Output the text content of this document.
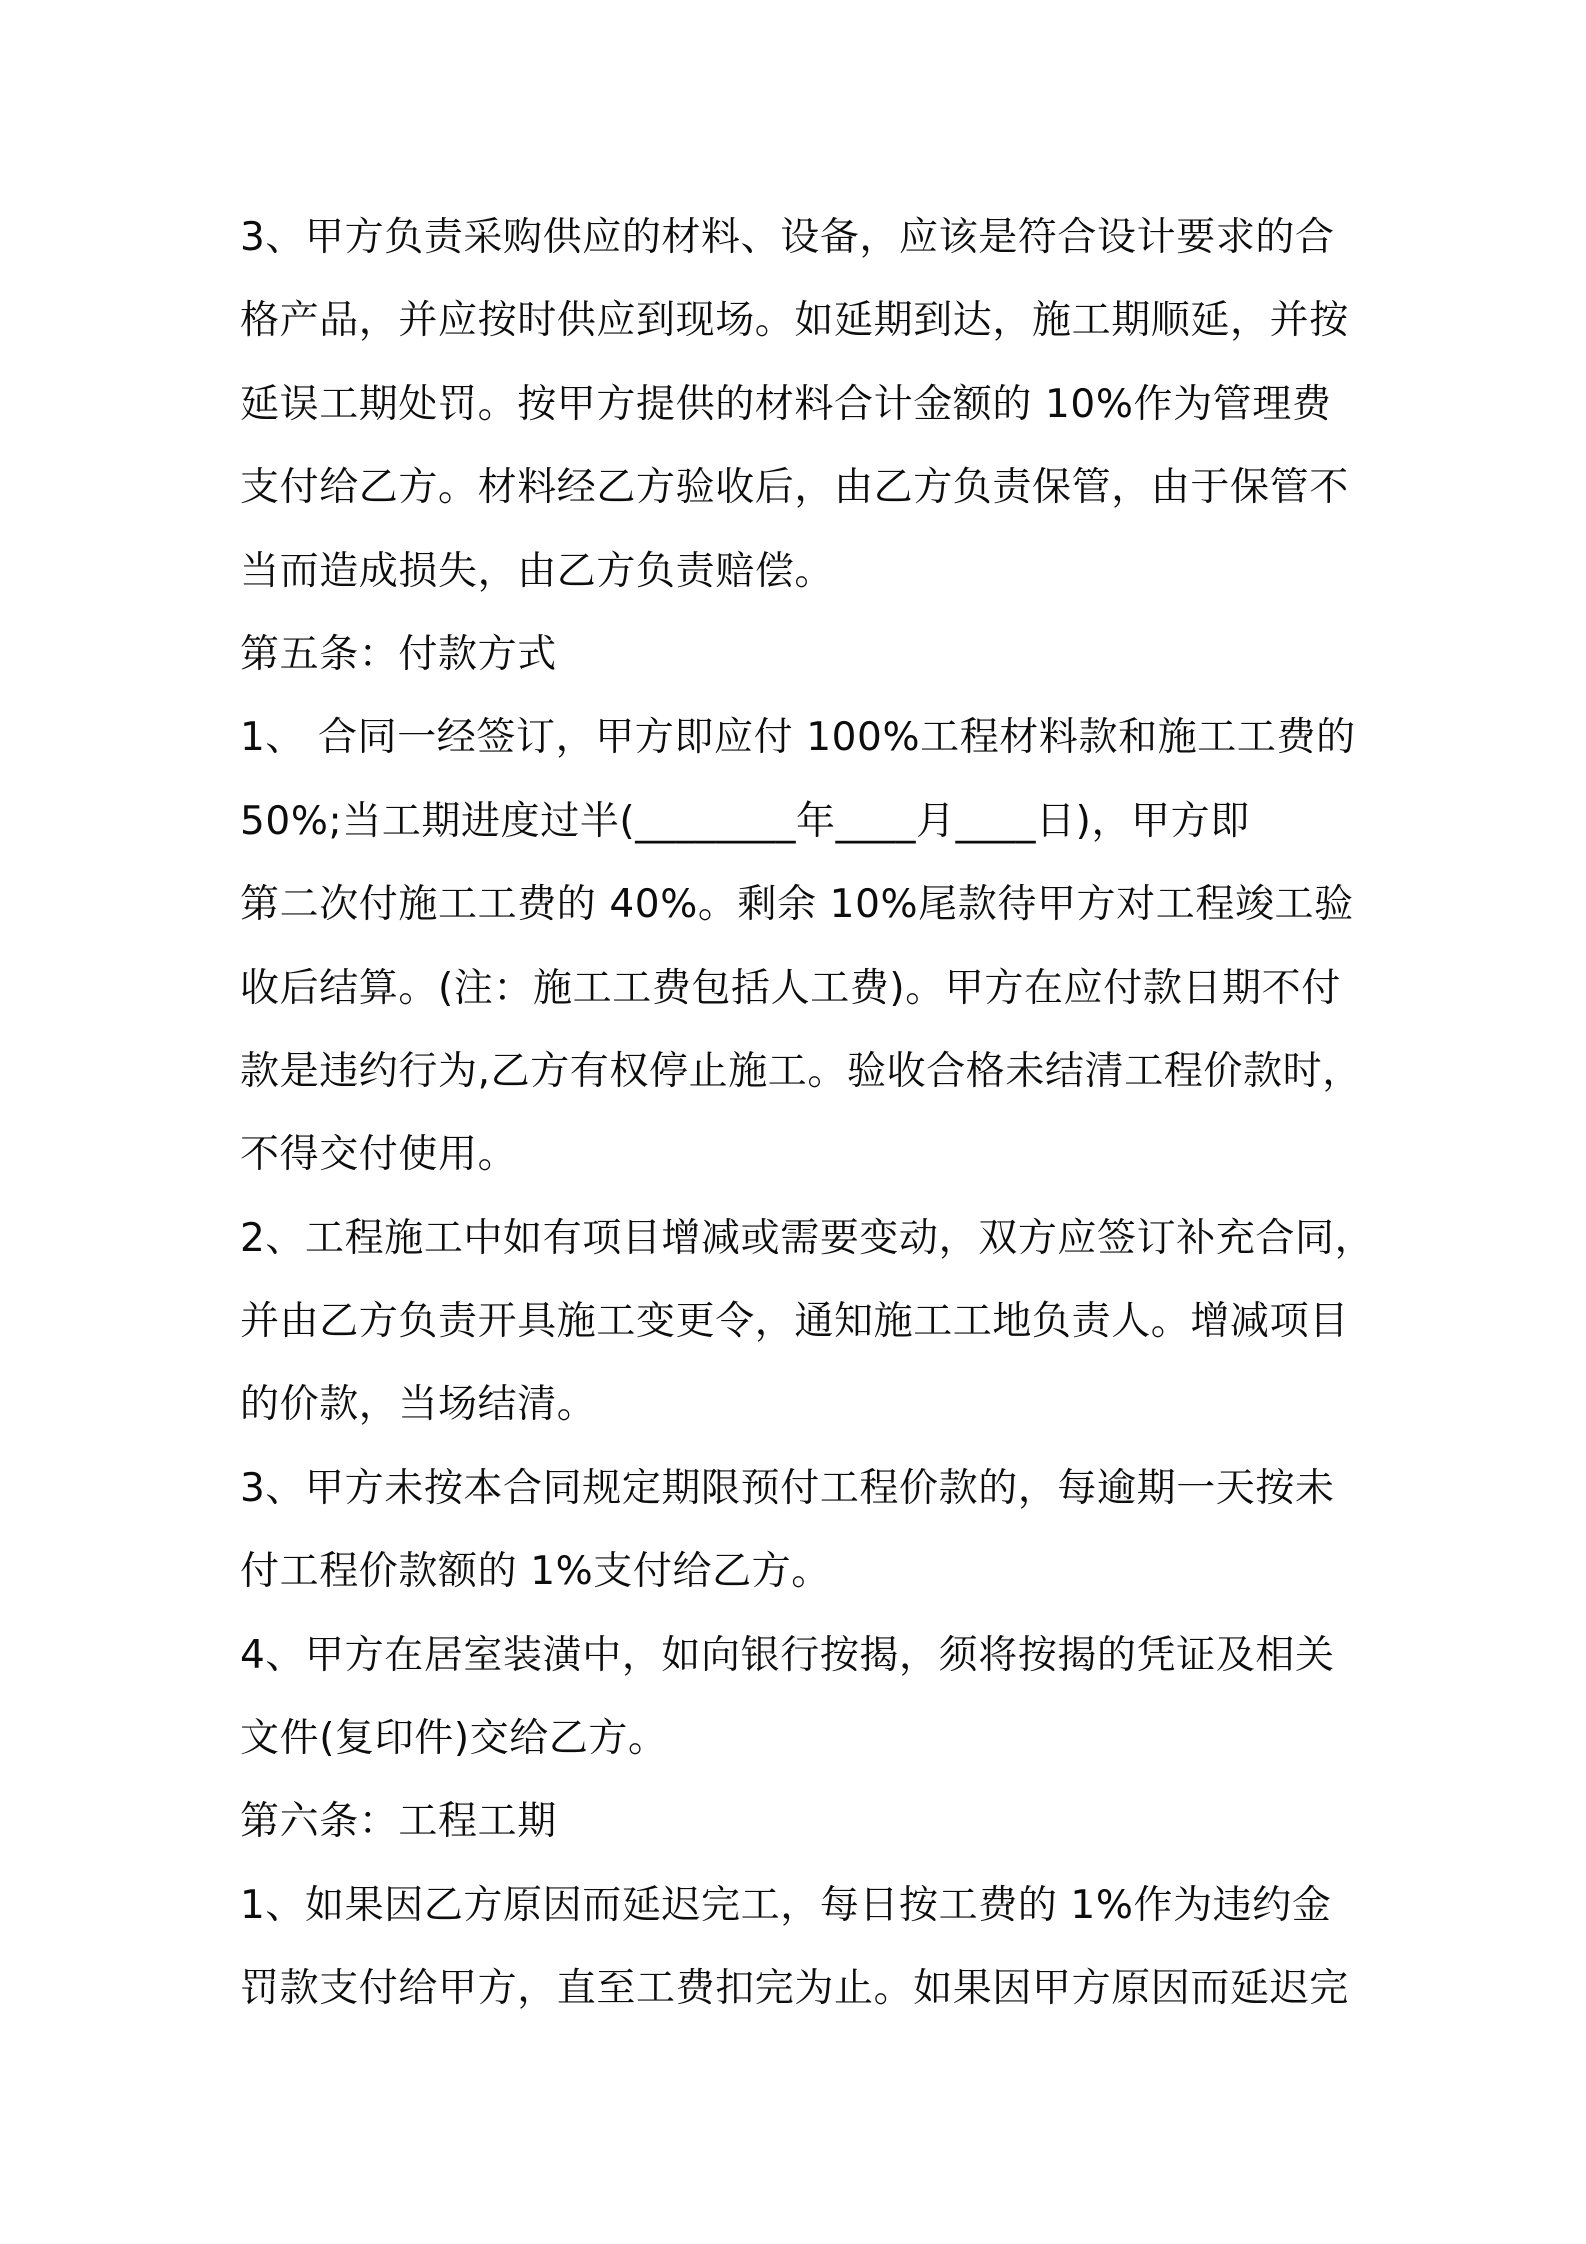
3、甲方负责采购供应的材料、设备，应该是符合设计要求的合
格产品，并应按时供应到现场。如延期到达，施工期顺延，并按
延误工期处罚。按甲方提供的材料合计金额的 10%作为管理费
支付给乙方。材料经乙方验收后，由乙方负责保管，由于保管不
当而造成损失，由乙方负责赔偿。
第五条：付款方式
1、 合同一经签订，甲方即应付 100%工程材料款和施工工费的
50%;当工期进度过半(________年____月____日)，甲方即
第二次付施工工费的 40%。剩余 10%尾款待甲方对工程竣工验
收后结算。(注：施工工费包括人工费)。甲方在应付款日期不付
款是违约行为,乙方有权停止施工。验收合格未结清工程价款时，
不得交付使用。
2、工程施工中如有项目增减或需要变动，双方应签订补充合同，
并由乙方负责开具施工变更令，通知施工工地负责人。增减项目
的价款，当场结清。
3、甲方未按本合同规定期限预付工程价款的，每逾期一天按未
付工程价款额的 1%支付给乙方。
4、甲方在居室装潢中，如向银行按揭，须将按揭的凭证及相关
文件(复印件)交给乙方。
第六条：工程工期
1、如果因乙方原因而延迟完工，每日按工费的 1%作为违约金
罚款支付给甲方，直至工费扣完为止。如果因甲方原因而延迟完
